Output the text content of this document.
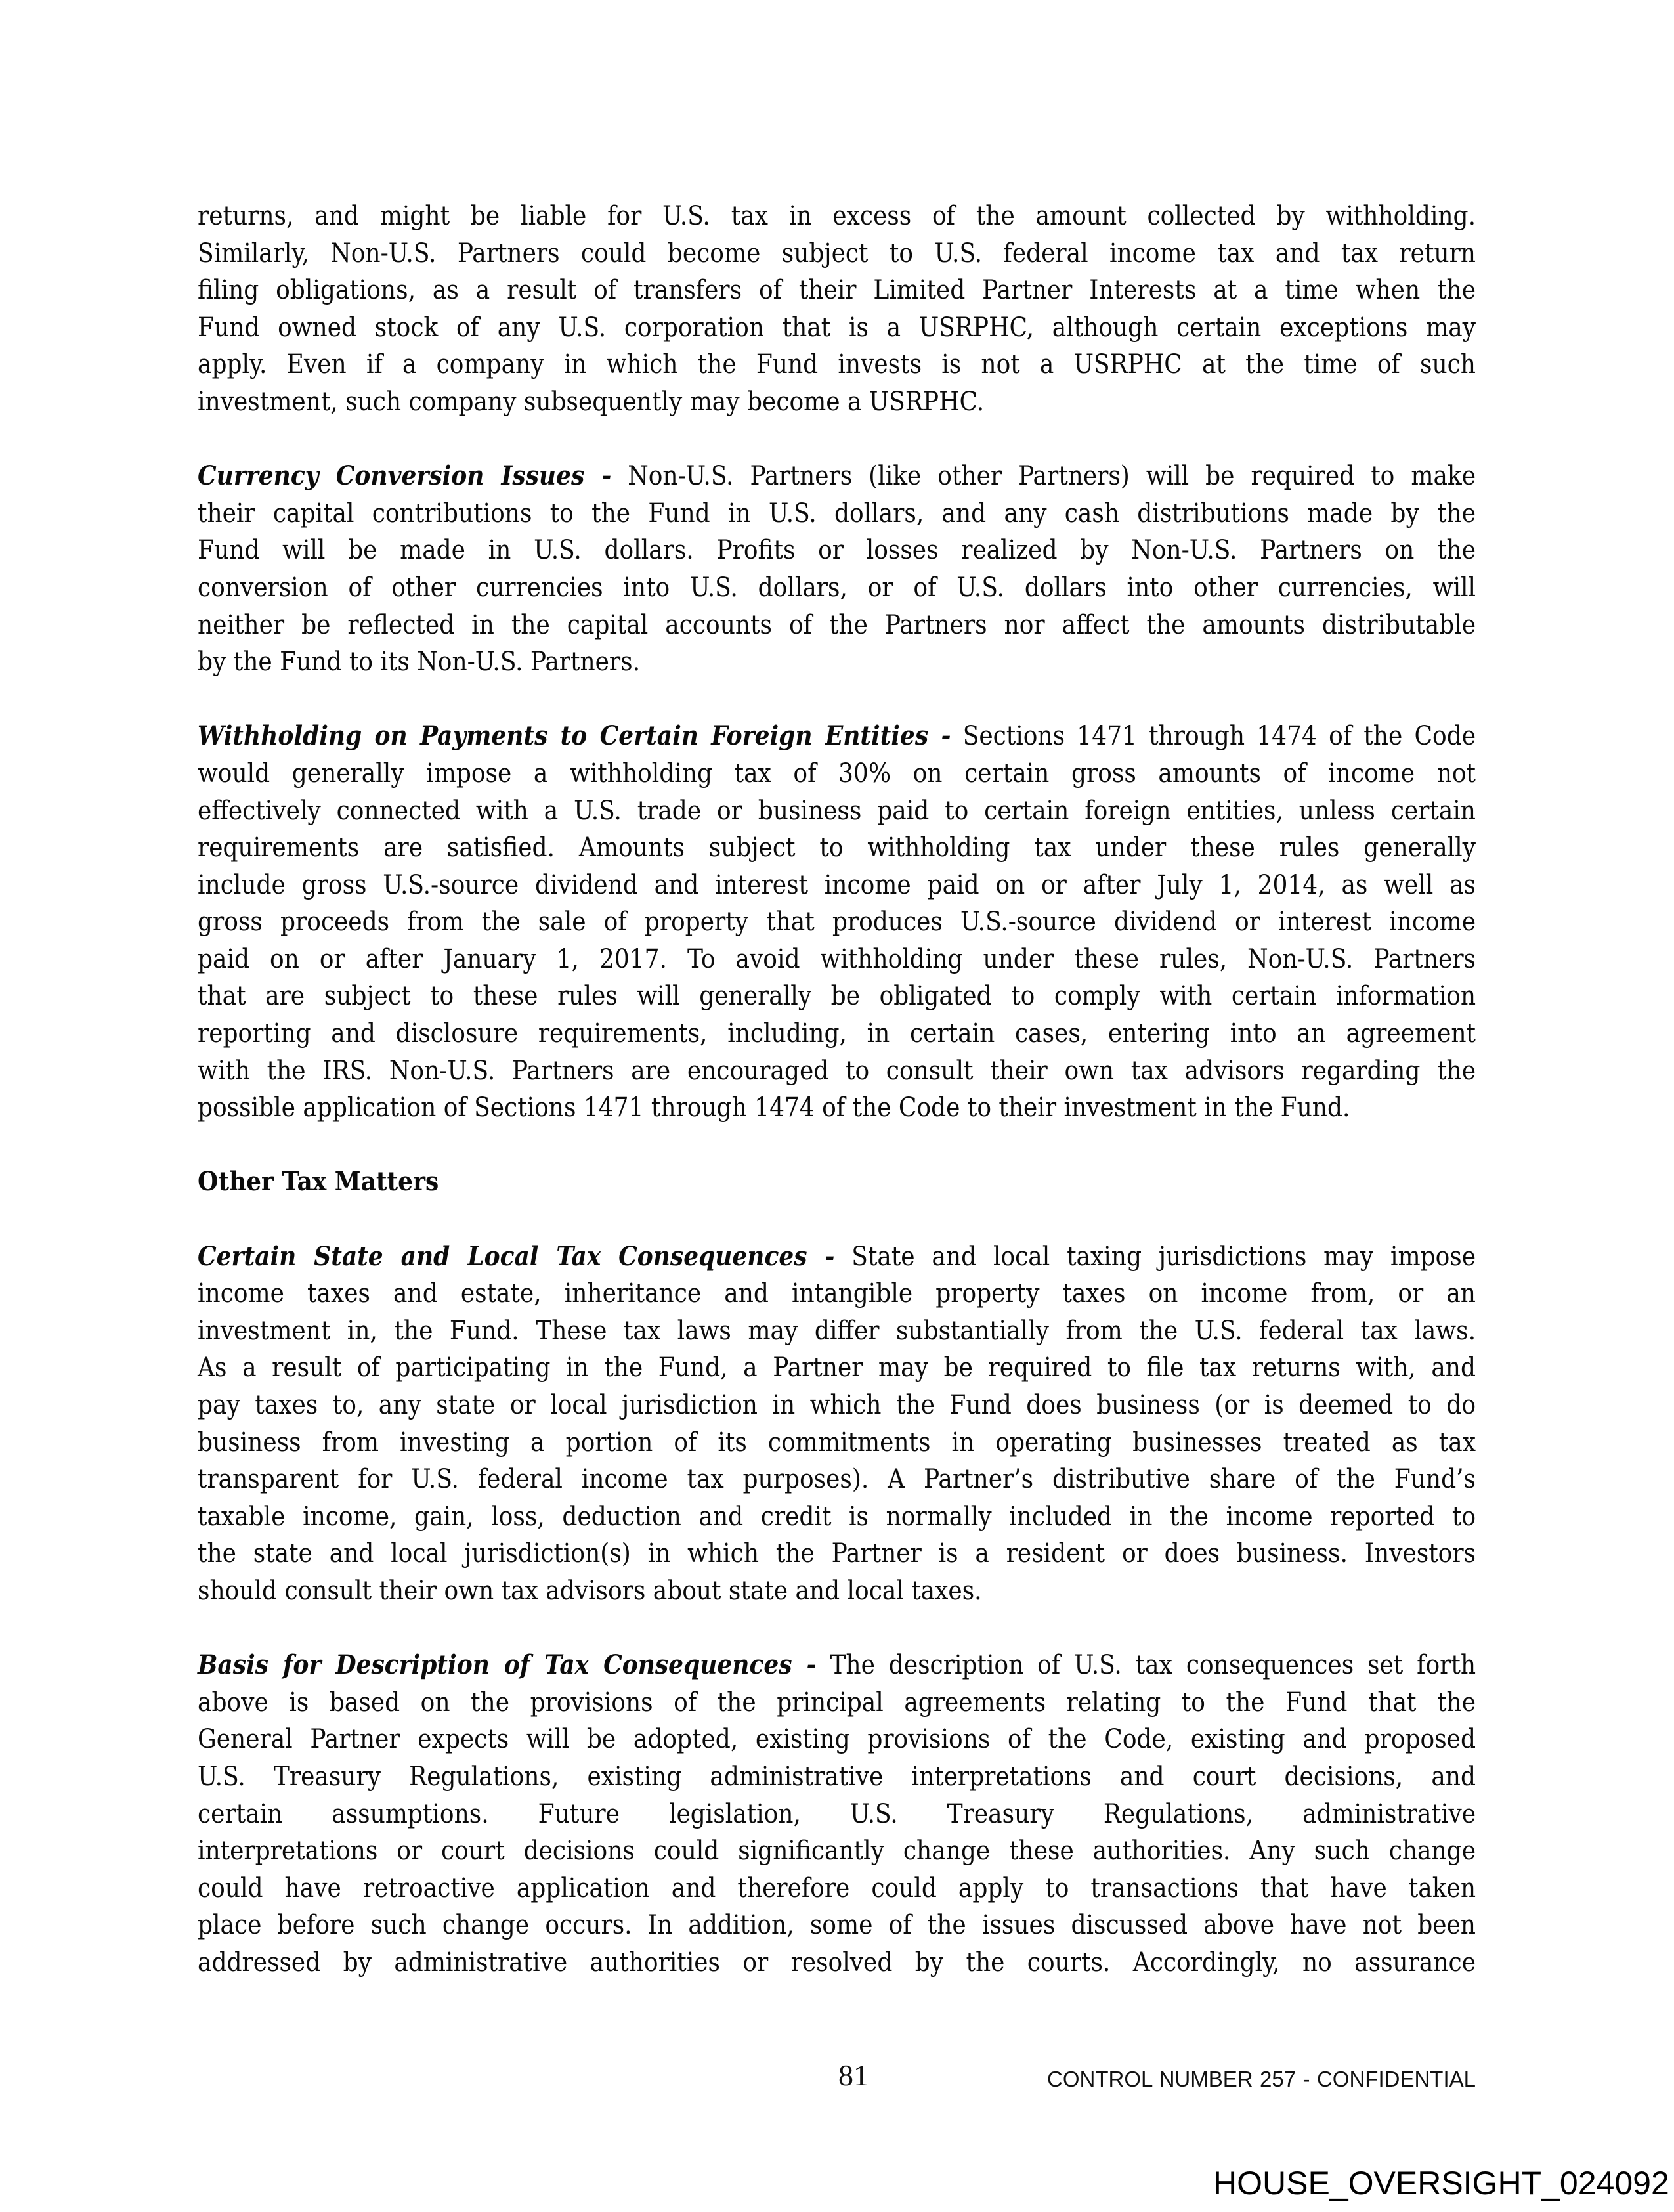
returns, and might be liable for U.S. tax in excess of the amount collected by withholding.
Similarly, Non-U.S. Partners could become subject to U.S. federal income tax and tax return
filing obligations, as a result of transfers of their Limited Partner Interests at a time when the
Fund owned stock of any U.S. corporation that is a USRPHC, although certain exceptions may
apply. Even if a company in which the Fund invests is not a USRPHC at the time of such
investment, such company subsequently may become a USRPHC.
Currency Conversion Issues - Non-U.S. Partners (like other Partners) will be required to make
their capital contributions to the Fund in U.S. dollars, and any cash distributions made by the
Fund will be made in U.S. dollars. Profits or losses realized by Non-U.S. Partners on the
conversion of other currencies into U.S. dollars, or of U.S. dollars into other currencies, will
neither be reflected in the capital accounts of the Partners nor affect the amounts distributable
by the Fund to its Non-U.S. Partners.
Withholding on Payments to Certain Foreign Entities - Sections 1471 through 1474 of the Code
would generally impose a withholding tax of 30% on certain gross amounts of income not
effectively connected with a U.S. trade or business paid to certain foreign entities, unless certain
requirements are satisfied. Amounts subject to withholding tax under these rules generally
include gross U.S.-source dividend and interest income paid on or after July 1, 2014, as well as
gross proceeds from the sale of property that produces U.S.-source dividend or interest income
paid on or after January 1, 2017. To avoid withholding under these rules, Non-U.S. Partners
that are subject to these rules will generally be obligated to comply with certain information
reporting and disclosure requirements, including, in certain cases, entering into an agreement
with the IRS. Non-U.S. Partners are encouraged to consult their own tax advisors regarding the
possible application of Sections 1471 through 1474 of the Code to their investment in the Fund.
Other Tax Matters
Certain State and Local Tax Consequences - State and local taxing jurisdictions may impose
income taxes and estate, inheritance and intangible property taxes on income from, or an
investment in, the Fund. These tax laws may differ substantially from the U.S. federal tax laws.
As a result of participating in the Fund, a Partner may be required to file tax returns with, and
pay taxes to, any state or local jurisdiction in which the Fund does business (or is deemed to do
business from investing a portion of its commitments in operating businesses treated as tax
transparent for U.S. federal income tax purposes). A Partner’s distributive share of the Fund’s
taxable income, gain, loss, deduction and credit is normally included in the income reported to
the state and local jurisdiction(s) in which the Partner is a resident or does business. Investors
should consult their own tax advisors about state and local taxes.
Basis for Description of Tax Consequences - The description of U.S. tax consequences set forth
above is based on the provisions of the principal agreements relating to the Fund that the
General Partner expects will be adopted, existing provisions of the Code, existing and proposed
U.S. Treasury Regulations, existing administrative interpretations and court decisions, and
certain assumptions. Future legislation, U.S. Treasury Regulations, administrative
interpretations or court decisions could significantly change these authorities. Any such change
could have retroactive application and therefore could apply to transactions that have taken
place before such change occurs. In addition, some of the issues discussed above have not been
addressed by administrative authorities or resolved by the courts. Accordingly, no assurance
81	CONTROL NUMBER 257 - CONFIDENTIAL
HOUSE_OVERSIGHT_024092
